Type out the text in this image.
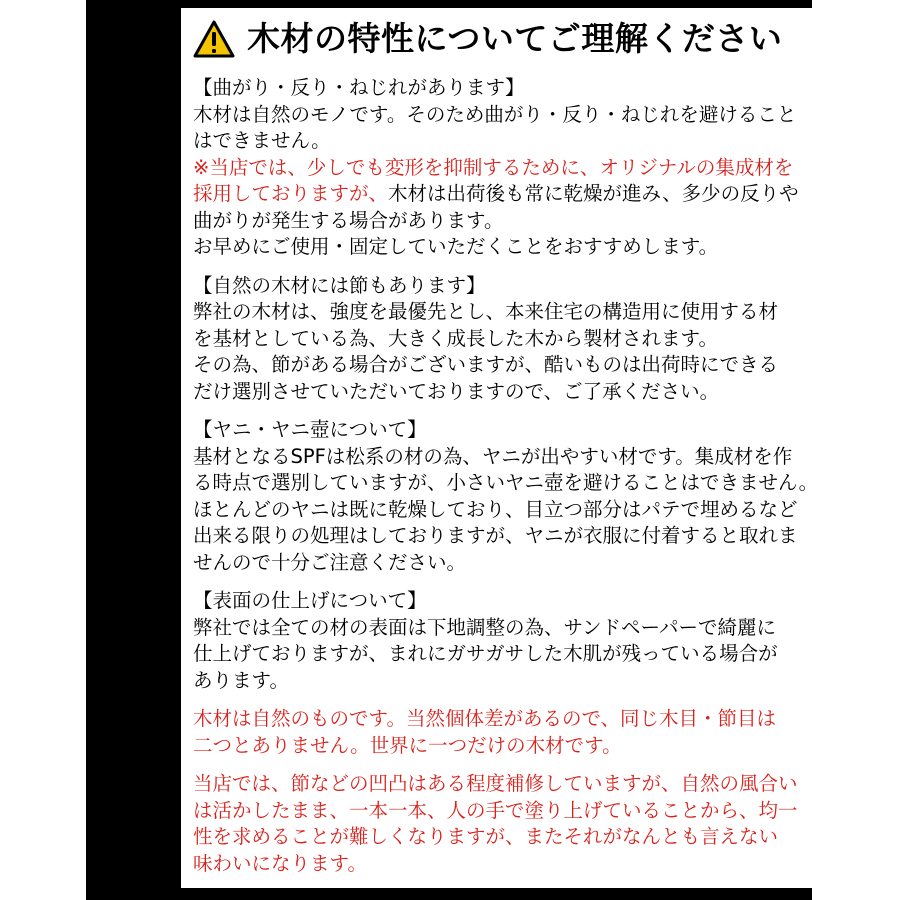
木材の特性についてご理解ください
【曲がり・反り・ねじれがあります】
木材は自然のモノです。そのため曲がり・反り・ねじれを避けること
はできません。
※当店では、少しでも変形を抑制するために、オリジナルの集成材を
採用しておりますが、木材は出荷後も常に乾燥が進み、多少の反りや
曲がりが発生する場合があります。
お早めにご使用・固定していただくことをおすすめします。
【自然の木材には節もあります】
弊社の木材は、強度を最優先とし、本来住宅の構造用に使用する材
を基材としている為、大きく成長した木から製材されます。
その為、節がある場合がございますが、酷いものは出荷時にできる
だけ選別させていただいておりますので、ご了承ください。
【ヤニ・ヤニ壺について】
基材となるSPFは松系の材の為、ヤニが出やすい材です。集成材を作
る時点で選別していますが、小さいヤニ壺を避けることはできません。
ほとんどのヤニは既に乾燥しており、目立つ部分はパテで埋めるなど
出来る限りの処理はしておりますが、ヤニが衣服に付着すると取れま
せんので十分ご注意ください。
【表面の仕上げについて】
弊社では全ての材の表面は下地調整の為、サンドペーパーで綺麗に
仕上げておりますが、まれにガサガサした木肌が残っている場合が
あります。
木材は自然のものです。当然個体差があるので、同じ木目・節目は
二つとありません。世界に一つだけの木材です。
当店では、節などの凹凸はある程度補修していますが、自然の風合い
は活かしたまま、一本一本、人の手で塗り上げていることから、均一
性を求めることが難しくなりますが、またそれがなんとも言えない
味わいになります。
